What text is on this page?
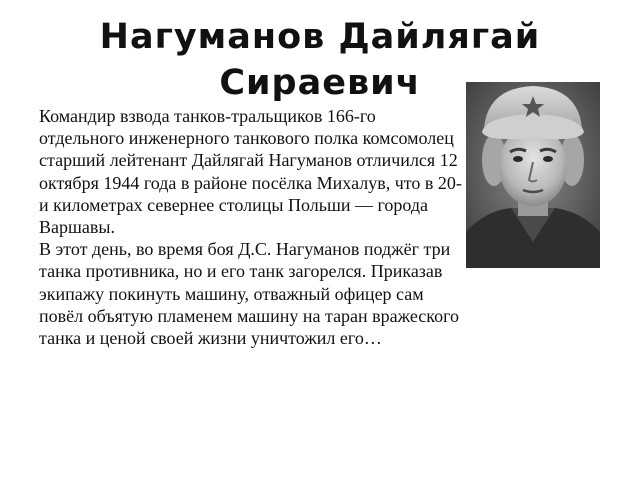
Нагуманов Дайлягай Сираевич

Командир взвода танков-тральщиков 166-го отдельного инженерного танкового полка комсомолец старший лейтенант Дайлягай Нагуманов отличился 12 октября 1944 года в районе посёлка Михалув, что в 20-и километрах севернее столицы Польши — города Варшавы.

В этот день, во время боя Д.С. Нагуманов поджёг три танка противника, но и его танк загорелся. Приказав экипажу покинуть машину, отважный офицер сам повёл объятую пламенем машину на таран вражеского танка и ценой своей жизни уничтожил его…
